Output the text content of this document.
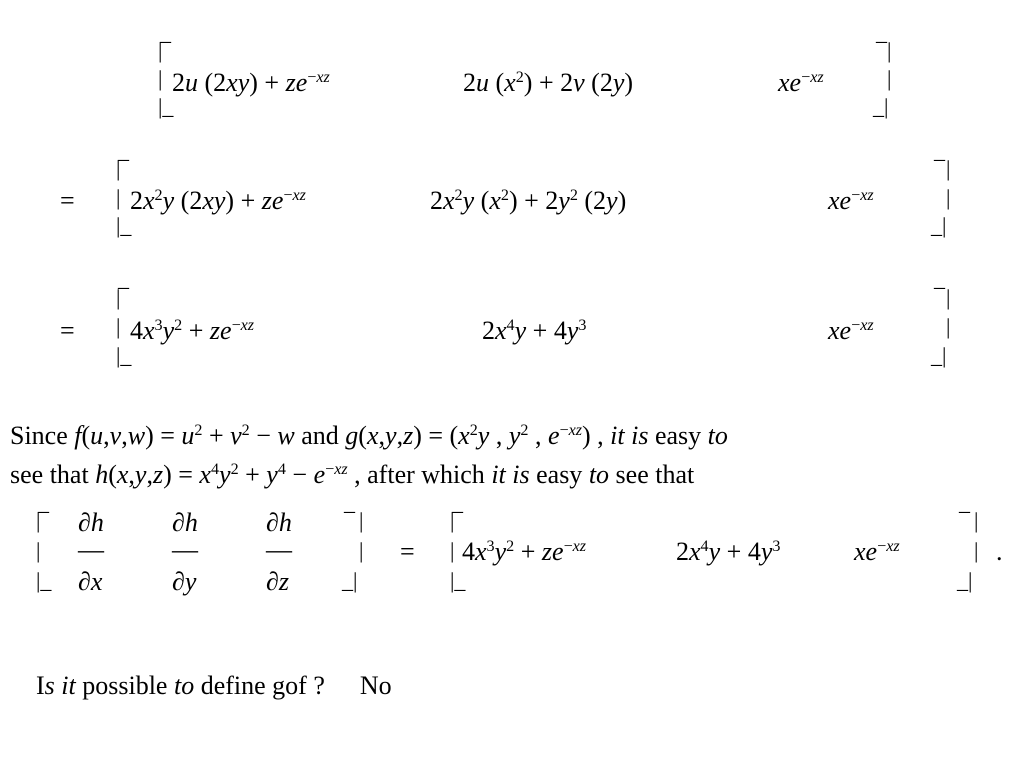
_
|
|
|_
_
|
|
_|
2u $(2xy) + ze^{-xz}$	2u $(x^2) + 2v$ (2y)	$xe^{-xz}$
=
_
|
|
|_
_
|
|
_|
$2x^2y$ $(2xy) + ze^{-xz}$	$2x^2y$ $(x^2) + 2y^2$ (2y)	$xe^{-xz}$
=
_
|
|
|_
_
|
|
_|
$4x^3y^2 + ze^{-xz}$	$2x^4y + 4y^3$	$xe^{-xz}$
Since $f(u,v,w) = u^2 + v^2 - w$ and $g(x,y,z) = (x^2y$ , $y^2$ , $e^{-xz}$) , it is easy to
see that $h(x,y,z) = x^4y^2 + y^4 - e^{-xz}$ , after which it is easy to see that
_
|
|
|_
_
|
|
_|
∂h
—
∂x
∂h
—
∂y
∂h
—
∂z
=
_
|
|
|_
_
|
|
_|
$4x^3y^2 + ze^{-xz}$	$2x^4y + 4y^3$	$xe^{-xz}$	.
Is it possible to define gof ? No
